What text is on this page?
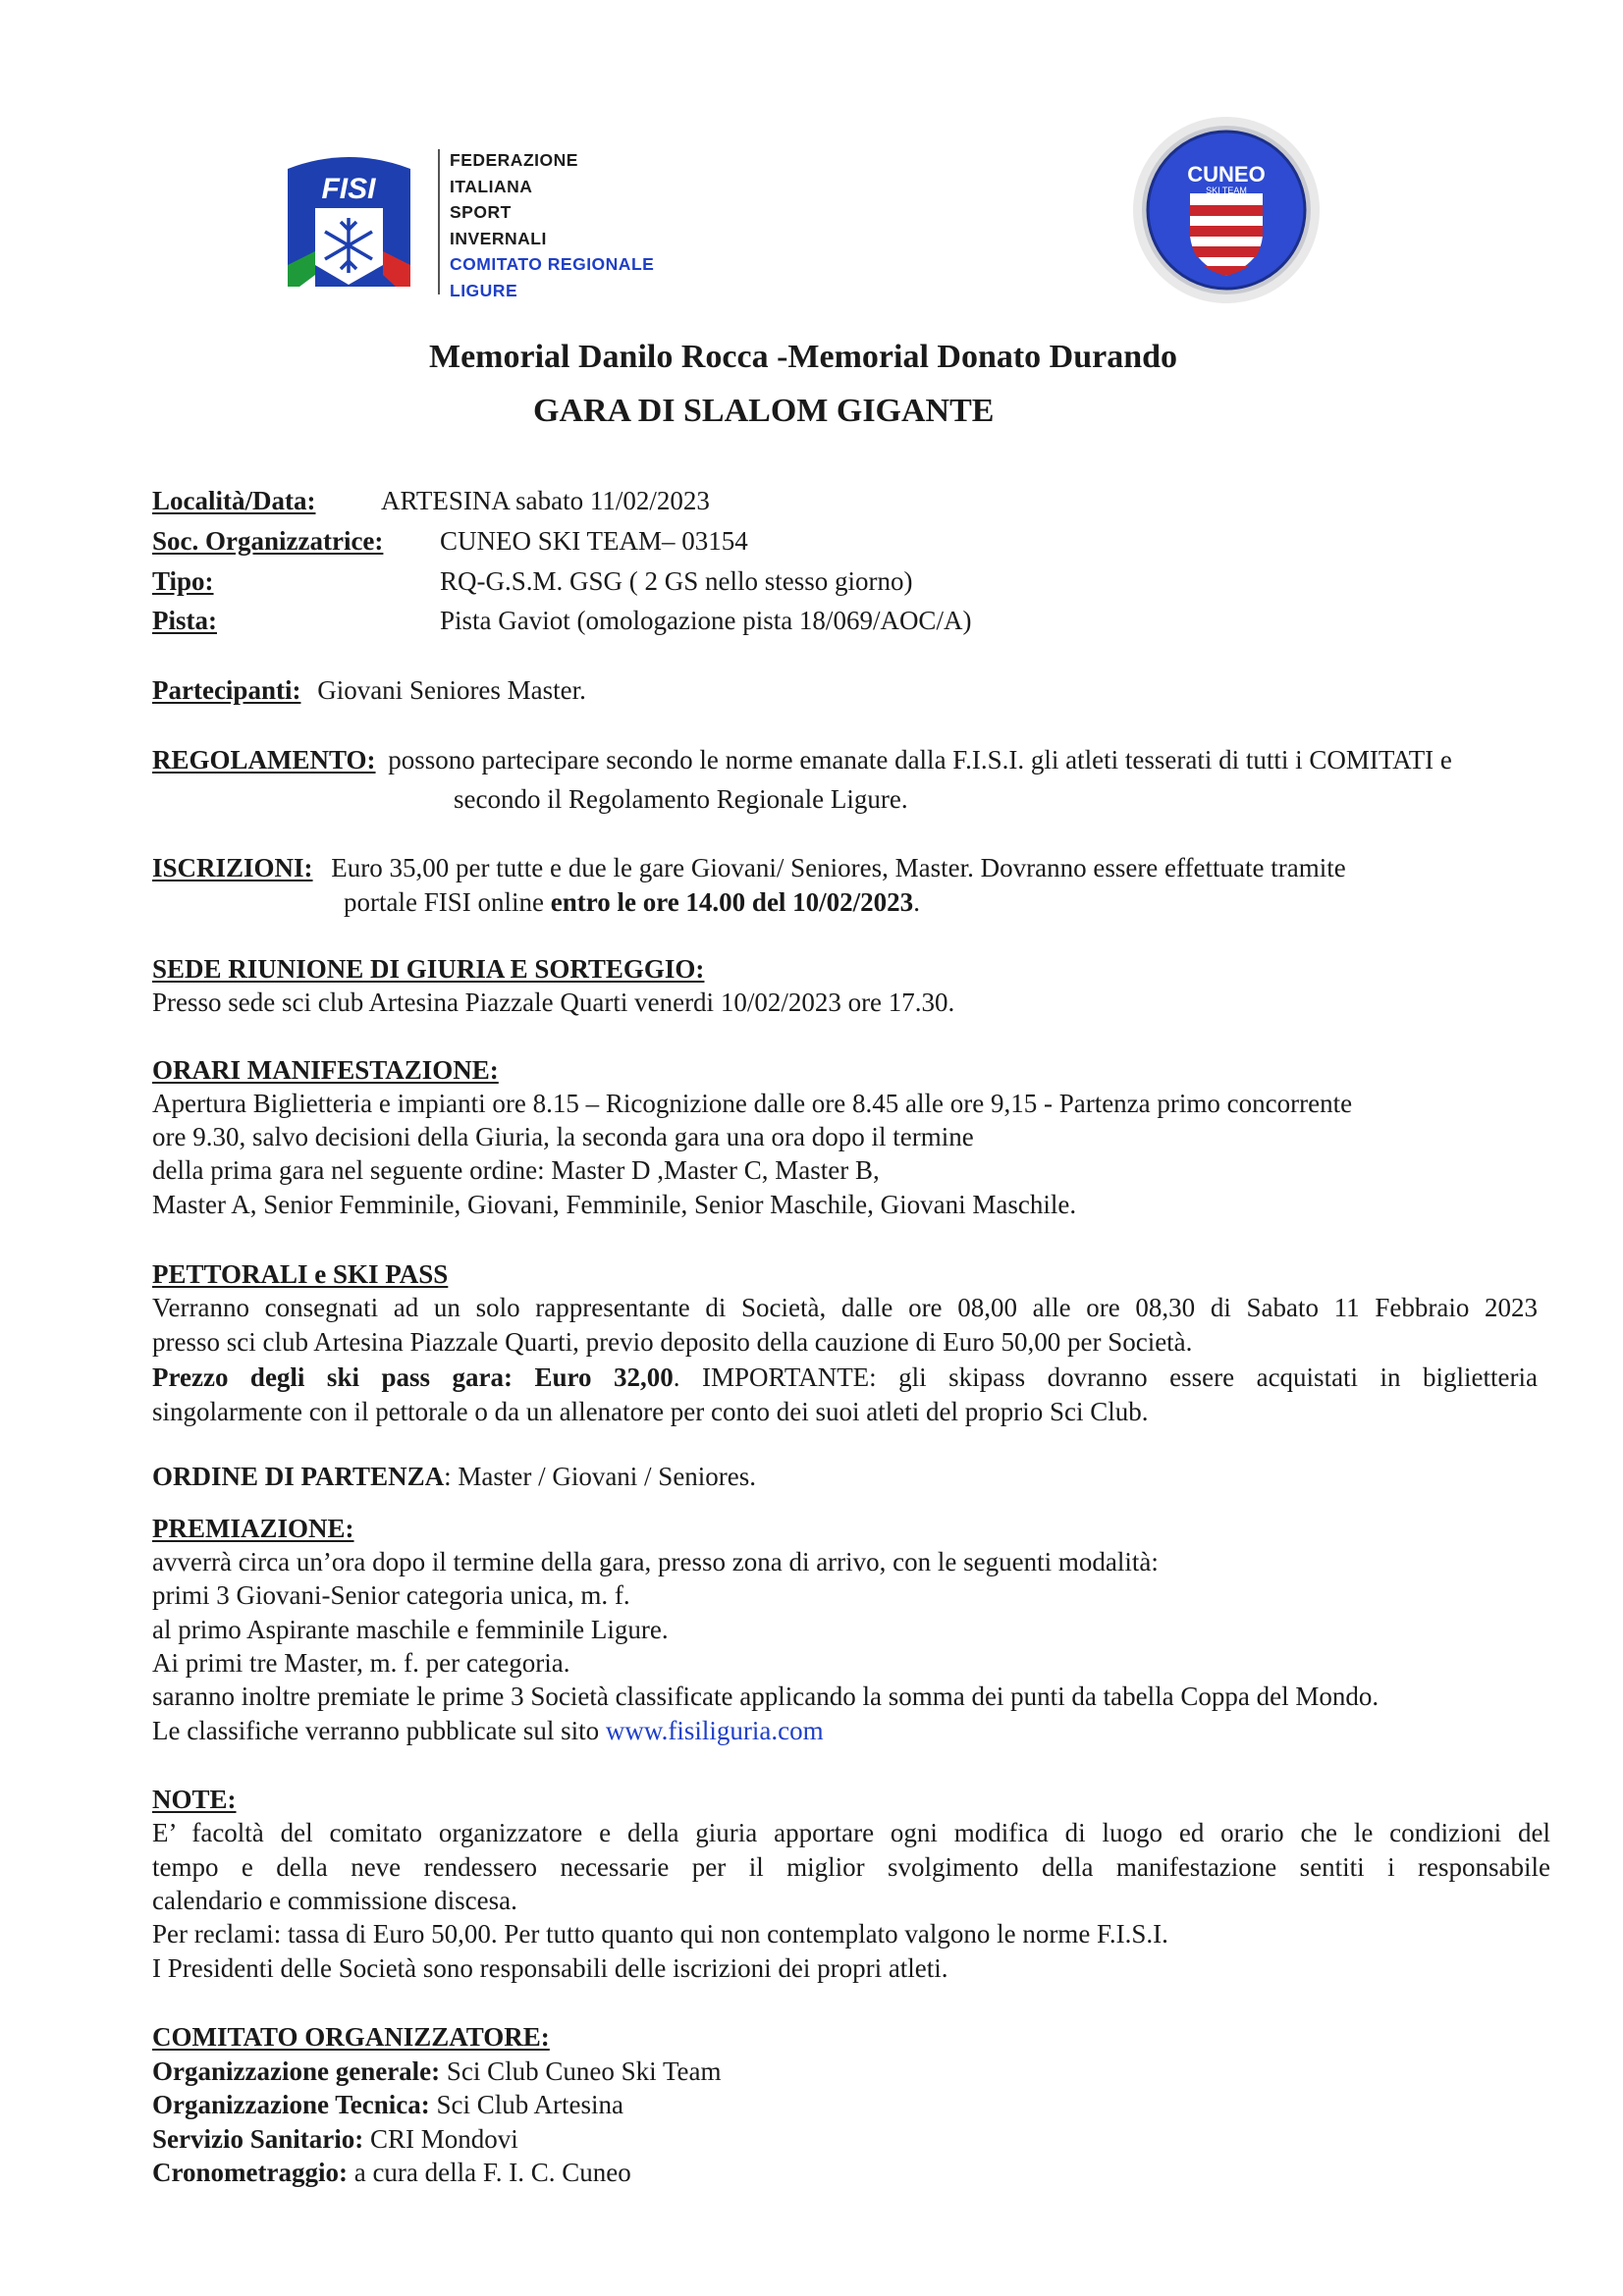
FISI
FEDERAZIONE
ITALIANA
SPORT
INVERNALI
COMITATO REGIONALE
LIGURE
CUNEO
SKI TEAM
Memorial Danilo Rocca -Memorial Donato Durando
GARA DI SLALOM GIGANTE
Località/Data: ARTESINA sabato 11/02/2023
Soc. Organizzatrice: CUNEO SKI TEAM– 03154
Tipo:	RQ-G.S.M. GSG ( 2 GS nello stesso giorno)
Pista:	Pista Gaviot (omologazione pista 18/069/AOC/A)
Partecipanti: Giovani Seniores Master.
REGOLAMENTO: possono partecipare secondo le norme emanate dalla F.I.S.I. gli atleti tesserati di tutti i COMITATI e
secondo il Regolamento Regionale Ligure.
ISCRIZIONI: Euro 35,00 per tutte e due le gare Giovani/ Seniores, Master. Dovranno essere effettuate tramite
portale FISI online entro le ore 14.00 del 10/02/2023.
SEDE RIUNIONE DI GIURIA E SORTEGGIO:
Presso sede sci club Artesina Piazzale Quarti venerdi 10/02/2023 ore 17.30.
ORARI MANIFESTAZIONE:
Apertura Biglietteria e impianti ore 8.15 – Ricognizione dalle ore 8.45 alle ore 9,15 - Partenza primo concorrente
ore 9.30, salvo decisioni della Giuria, la seconda gara una ora dopo il termine
della prima gara nel seguente ordine: Master D ,Master C, Master B,
Master A, Senior Femminile, Giovani, Femminile, Senior Maschile, Giovani Maschile.
PETTORALI e SKI PASS
Verranno consegnati ad un solo rappresentante di Società, dalle ore 08,00 alle ore 08,30 di Sabato 11 Febbraio 2023
presso sci club Artesina Piazzale Quarti, previo deposito della cauzione di Euro 50,00 per Società.
Prezzo degli ski pass gara: Euro 32,00. IMPORTANTE: gli skipass dovranno essere acquistati in biglietteria
singolarmente con il pettorale o da un allenatore per conto dei suoi atleti del proprio Sci Club.
ORDINE DI PARTENZA: Master / Giovani / Seniores.
PREMIAZIONE:
avverrà circa un’ora dopo il termine della gara, presso zona di arrivo, con le seguenti modalità:
primi 3 Giovani-Senior categoria unica, m. f.
al primo Aspirante maschile e femminile Ligure.
Ai primi tre Master, m. f. per categoria.
saranno inoltre premiate le prime 3 Società classificate applicando la somma dei punti da tabella Coppa del Mondo.
Le classifiche verranno pubblicate sul sito www.fisiliguria.com
NOTE:
E’ facoltà del comitato organizzatore e della giuria apportare ogni modifica di luogo ed orario che le condizioni del
tempo e della neve rendessero necessarie per il miglior svolgimento della manifestazione sentiti i responsabile
calendario e commissione discesa.
Per reclami: tassa di Euro 50,00. Per tutto quanto qui non contemplato valgono le norme F.I.S.I.
I Presidenti delle Società sono responsabili delle iscrizioni dei propri atleti.
COMITATO ORGANIZZATORE:
Organizzazione generale: Sci Club Cuneo Ski Team
Organizzazione Tecnica: Sci Club Artesina
Servizio Sanitario: CRI Mondovi
Cronometraggio: a cura della F. I. C. Cuneo
